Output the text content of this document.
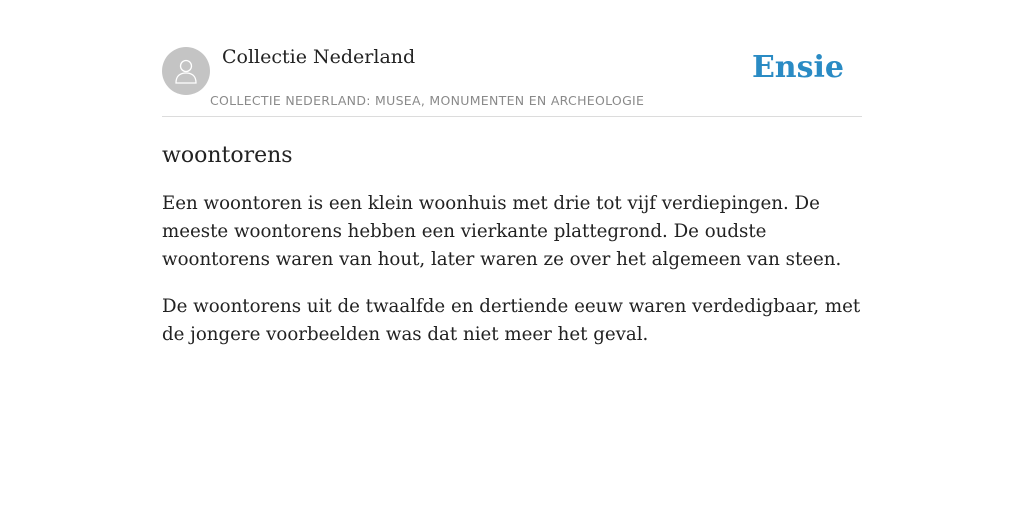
Collectie Nederland
COLLECTIE NEDERLAND: MUSEA, MONUMENTEN EN ARCHEOLOGIE
Ensie
woontorens

Een woontoren is een klein woonhuis met drie tot vijf verdiepingen. De meeste woontorens hebben een vierkante plattegrond. De oudste woontorens waren van hout, later waren ze over het algemeen van steen.

De woontorens uit de twaalfde en dertiende eeuw waren verdedigbaar, met de jongere voorbeelden was dat niet meer het geval.
